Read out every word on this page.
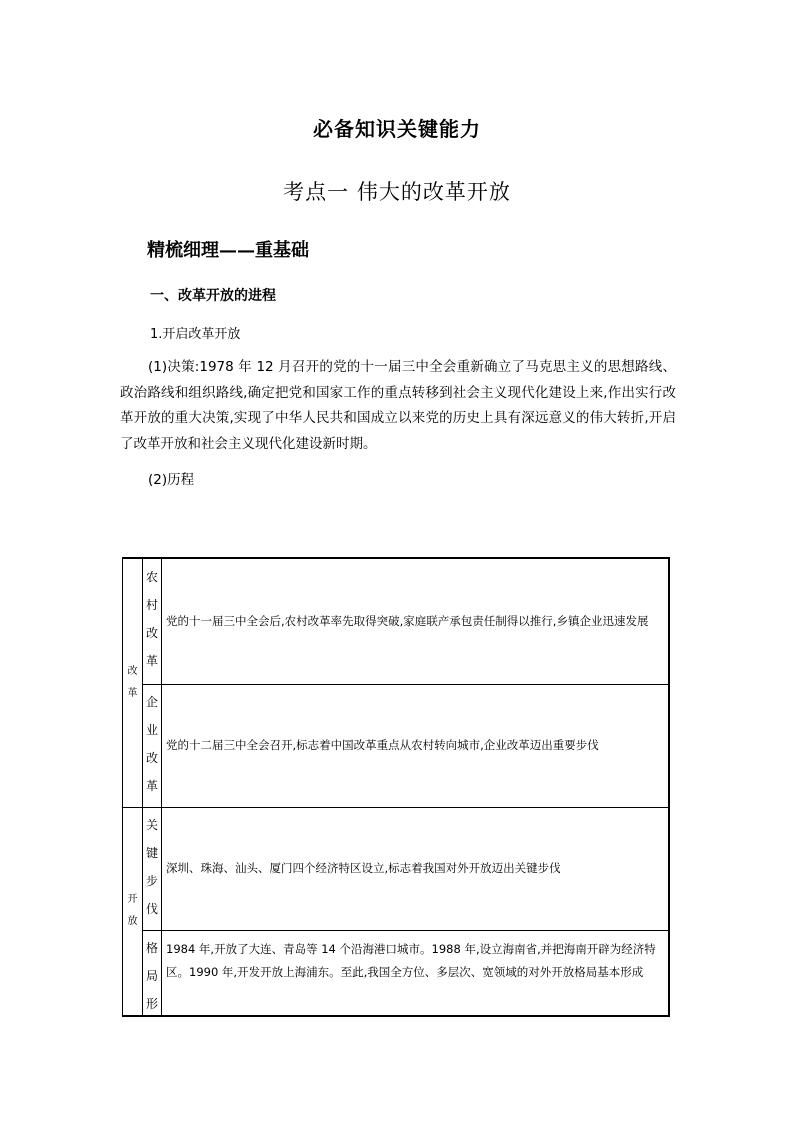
必备知识关键能力
考点一 伟大的改革开放
精梳细理——重基础
一、改革开放的进程
1.开启改革开放
(1)决策:1978 年 12 月召开的党的十一届三中全会重新确立了马克思主义的思想路线、政治路线和组织路线,确定把党和国家工作的重点转移到社会主义现代化建设上来,作出实行改革开放的重大决策,实现了中华人民共和国成立以来党的历史上具有深远意义的伟大转折,开启了改革开放和社会主义现代化建设新时期。
(2)历程
改
革
开
放
农
村
改
革
党的十一届三中全会后,农村改革率先取得突破,家庭联产承包责任制得以推行,乡镇企业迅速发展
企
业
改
革
党的十二届三中全会召开,标志着中国改革重点从农村转向城市,企业改革迈出重要步伐
关
键
步
伐
深圳、珠海、汕头、厦门四个经济特区设立,标志着我国对外开放迈出关键步伐
格
局
形
1984 年,开放了大连、青岛等 14 个沿海港口城市。1988 年,设立海南省,并把海南开辟为经济特区。1990 年,开发开放上海浦东。至此,我国全方位、多层次、宽领域的对外开放格局基本形成
